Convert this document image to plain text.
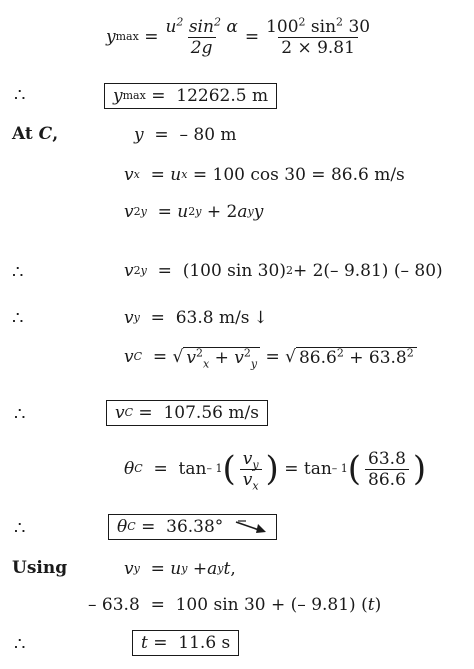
y $\max = \frac{u^2 \sin^2 \alpha}{2g} = \frac{100^2 \sin^2 30}{2 \times 9.81}$
∴	y max =  12262.5 m
At C,	y =  – 80 m
v x = u x = 100 cos 30 = 86.6 m/s
v 2 y = u 2 y + 2 a y y
∴	v 2 y =  (100 sin 30) 2 + 2(– 9.81) (– 80)
∴	v y =  63.8 m/s ↓
v C = √ $v^2_x + v^2_y$ = √ $86.6^2 + 63.8^2$
∴	v C =  107.56 m/s
θ C =  tan – 1 ( $\frac{v_y}{v_x}$ ) = tan – 1 ( $\frac{63.8}{86.6}$ )
∴	θ C =  36.38°
Using	v y = u y + a y t ,
– 63.8  =  100 sin 30 + (– 9.81) ( t )
∴	t =  11.6 s
